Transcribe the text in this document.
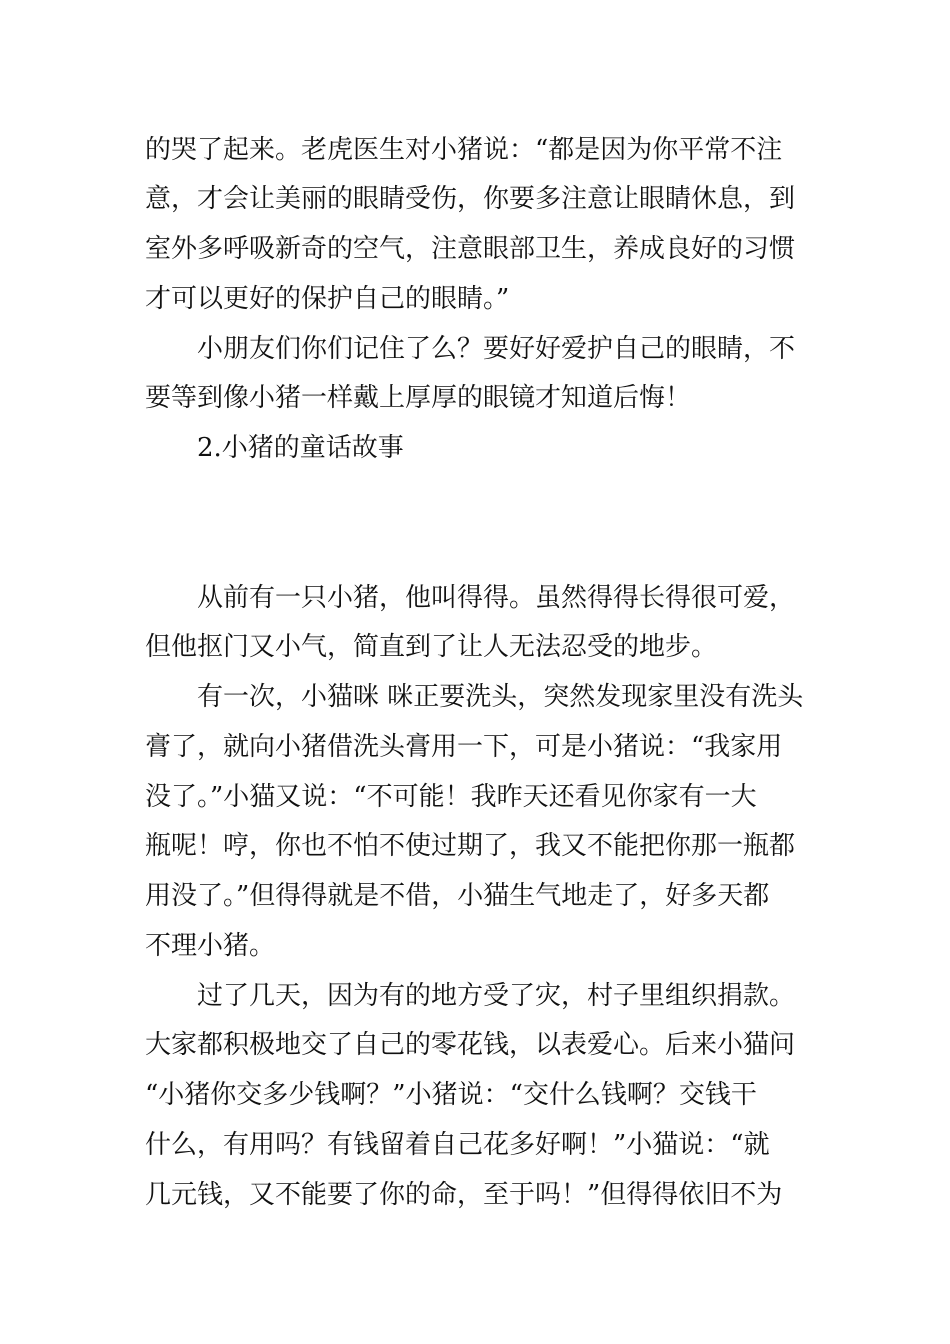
的哭了起来。老虎医生对小猪说：“都是因为你平常不注
意，才会让美丽的眼睛受伤，你要多注意让眼睛休息，到
室外多呼吸新奇的空气，注意眼部卫生，养成良好的习惯
才可以更好的保护自己的眼睛。”
小朋友们你们记住了么？要好好爱护自己的眼睛，不
要等到像小猪一样戴上厚厚的眼镜才知道后悔！
2.小猪的童话故事
从前有一只小猪，他叫得得。虽然得得长得很可爱，
但他抠门又小气，简直到了让人无法忍受的地步。
有一次，小猫咪 咪正要洗头，突然发现家里没有洗头
膏了，就向小猪借洗头膏用一下，可是小猪说：“我家用
没了。”小猫又说：“不可能！我昨天还看见你家有一大
瓶呢！哼，你也不怕不使过期了，我又不能把你那一瓶都
用没了。”但得得就是不借，小猫生气地走了，好多天都
不理小猪。
过了几天，因为有的地方受了灾，村子里组织捐款。
大家都积极地交了自己的零花钱，以表爱心。后来小猫问
“小猪你交多少钱啊？”小猪说：“交什么钱啊？交钱干
什么，有用吗？有钱留着自己花多好啊！”小猫说：“就
几元钱，又不能要了你的命，至于吗！”但得得依旧不为
